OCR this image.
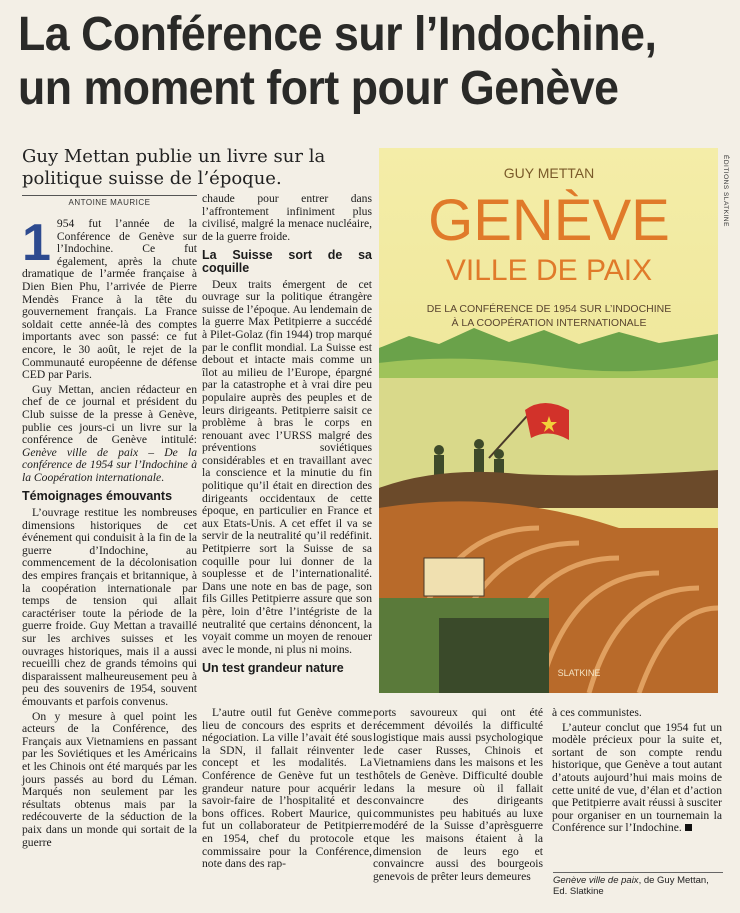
La Conférence sur l’Indochine,
un moment fort pour Genève
Guy Mettan publie un livre sur la politique suisse de l’époque.
ANTOINE MAURICE

1 954 fut l’année de la Conférence de Genève sur l’Indochine. Ce fut également, après la chute dramatique de l’armée française à Dien Bien Phu, l’arrivée de Pierre Mendès France à la tête du gouvernement français. La France soldait cette année-là des comptes importants avec son passé: ce fut encore, le 30 août, le rejet de la Communauté européenne de défense CED par Paris.

Guy Mettan, ancien rédacteur en chef de ce journal et président du Club suisse de la presse à Genève, publie ces jours-ci un livre sur la conférence de Genève intitulé: Genève ville de paix – De la conférence de 1954 sur l’Indochine à la Coopération internationale.

Témoignages émouvants

L’ouvrage restitue les nombreuses dimensions historiques de cet événement qui conduisit à la fin de la guerre d’Indochine, au commencement de la décolonisation des empires français et britannique, à la coopération internationale par temps de tension qui allait caractériser toute la période de la guerre froide. Guy Mettan a travaillé sur les archives suisses et les ouvrages historiques, mais il a aussi recueilli chez de grands témoins qui disparaissent malheureusement peu à peu des souvenirs de 1954, souvent émouvants et parfois convenus.

On y mesure à quel point les acteurs de la Conférence, des Français aux Vietnamiens en passant par les Soviétiques et les Américains et les Chinois ont été marqués par les jours passés au bord du Léman. Marqués non seulement par les résultats obtenus mais par la redécouverte de la séduction de la paix dans un monde qui sortait de la guerre

chaude pour entrer dans l’affrontement infiniment plus civilisé, malgré la menace nucléaire, de la guerre froide.

La Suisse sort de sa coquille

Deux traits émergent de cet ouvrage sur la politique étrangère suisse de l’époque. Au lendemain de la guerre Max Petitpierre a succédé à Pilet-Golaz (fin 1944) trop marqué par le conflit mondial. La Suisse est debout et intacte mais comme un îlot au milieu de l’Europe, épargné par la catastrophe et à vrai dire peu populaire auprès des peuples et de leurs dirigeants. Petitpierre saisit ce problème à bras le corps en renouant avec l’URSS malgré des préventions soviétiques considérables et en travaillant avec la conscience et la minutie du fin politique qu’il était en direction des dirigeants occidentaux de cette époque, en particulier en France et aux Etats-Unis. A cet effet il va se servir de la neutralité qu’il redéfinit. Petitpierre sort la Suisse de sa coquille pour lui donner de la souplesse et de l’internationalité. Dans une note en bas de page, son fils Gilles Petitpierre assure que son père, loin d’être l’intégriste de la neutralité que certains dénoncent, la voyait comme un moyen de renouer avec le monde, ni plus ni moins.

Un test grandeur nature
GUY METTAN
GENÈVE
VILLE DE PAIX
DE LA CONFÉRENCE DE 1954 SUR L’INDOCHINE
À LA COOPÉRATION INTERNATIONALE
SLATKINE
ÉDITIONS SLATKINE

L’autre outil fut Genève comme lieu de concours des esprits et de négociation. La ville l’avait été sous la SDN, il fallait réinventer le concept et les modalités. La Conférence de Genève fut un test grandeur nature pour acquérir le savoir-faire de l’hospitalité et des bons offices. Robert Maurice, qui fut un collaborateur de Petitpierre en 1954, chef du protocole et commissaire pour la Conférence, note dans des rap-

ports savoureux qui ont été récemment dévoilés la difficulté logistique mais aussi psychologique de caser Russes, Chinois et Vietnamiens dans les maisons et les hôtels de Genève. Difficulté double dans la mesure où il fallait convaincre des dirigeants communistes peu habitués au luxe modéré de la Suisse d’aprèsguerre que les maisons étaient à la dimension de leurs ego et convaincre aussi des bourgeois genevois de prêter leurs demeures

à ces communistes.

L’auteur conclut que 1954 fut un modèle précieux pour la suite et, sortant de son compte rendu historique, que Genève a tout autant d’atouts aujourd’hui mais moins de cette unité de vue, d’élan et d’action que Petitpierre avait réussi à susciter pour organiser en un tournemain la Conférence sur l’Indochine.

Genève ville de paix, de Guy Mettan, Ed. Slatkine
